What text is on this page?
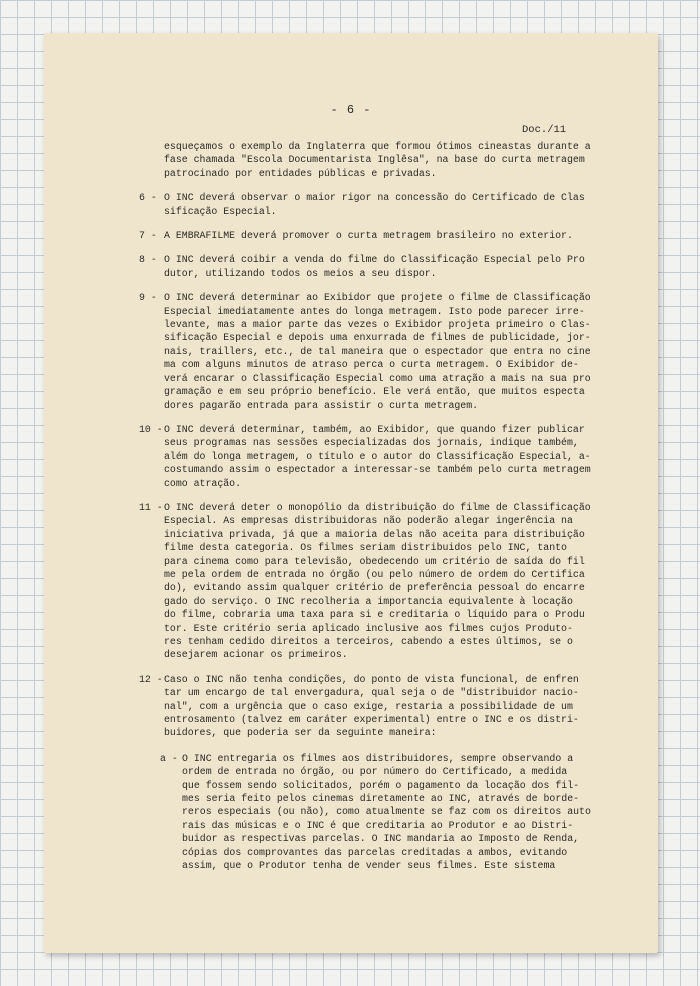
- 6 -
Doc./11
esqueçamos o exemplo da Inglaterra que formou ótimos cineastas durante a
fase chamada "Escola Documentarista Inglêsa", na base do curta metragem
patrocinado por entidades públicas e privadas.
6 - O INC deverá observar o maior rigor na concessão do Certificado de Clas
sificação Especial.
7 - A EMBRAFILME deverá promover o curta metragem brasileiro no exterior.
8 - O INC deverá coibir a venda do filme do Classificação Especial pelo Pro
dutor, utilizando todos os meios a seu dispor.
9 - O INC deverá determinar ao Exibidor que projete o filme de Classificação
Especial imediatamente antes do longa metragem. Isto pode parecer irre-
levante, mas a maior parte das vezes o Exibidor projeta primeiro o Clas-
sificação Especial e depois uma enxurrada de filmes de publicidade, jor-
nais, traillers, etc., de tal maneira que o espectador que entra no cine
ma com alguns minutos de atraso perca o curta metragem. O Exibidor de-
verá encarar o Classificação Especial como uma atração a mais na sua pro
gramação e em seu próprio benefício. Ele verá então, que muitos especta
dores pagarão entrada para assistir o curta metragem.
10 - O INC deverá determinar, também, ao Exibidor, que quando fizer publicar
seus programas nas sessões especializadas dos jornais, indique também,
além do longa metragem, o título e o autor do Classificação Especial, a-
costumando assim o espectador a interessar-se também pelo curta metragem
como atração.
11 - O INC deverá deter o monopólio da distribuição do filme de Classificação
Especial. As empresas distribuidoras não poderão alegar ingerência na
iniciativa privada, já que a maioria delas não aceita para distribuição
filme desta categoria. Os filmes seriam distribuidos pelo INC, tanto
para cinema como para televisão, obedecendo um critério de saída do fil
me pela ordem de entrada no órgão (ou pelo número de ordem do Certifica
do), evitando assim qualquer critério de preferência pessoal do encarre
gado do serviço. O INC recolheria a importancia equivalente à locação
do filme, cobraria uma taxa para si e creditaria o líquido para o Produ
tor. Este critério seria aplicado inclusive aos filmes cujos Produto-
res tenham cedido direitos a terceiros, cabendo a estes últimos, se o
desejarem acionar os primeiros.
12 - Caso o INC não tenha condições, do ponto de vista funcional, de enfren
tar um encargo de tal envergadura, qual seja o de "distribuidor nacio-
nal", com a urgência que o caso exige, restaria a possibilidade de um
entrosamento (talvez em caráter experimental) entre o INC e os distri-
buidores, que poderia ser da seguinte maneira:
a - O INC entregaria os filmes aos distribuidores, sempre observando a
ordem de entrada no órgão, ou por número do Certificado, a medida
que fossem sendo solicitados, porém o pagamento da locação dos fil-
mes seria feito pelos cinemas diretamente ao INC, através de borde-
reros especiais (ou não), como atualmente se faz com os direitos auto
rais das músicas e o INC é que creditaria ao Produtor e ao Distri-
buidor as respectivas parcelas. O INC mandaria ao Imposto de Renda,
cópias dos comprovantes das parcelas creditadas a ambos, evitando
assim, que o Produtor tenha de vender seus filmes. Este sistema
